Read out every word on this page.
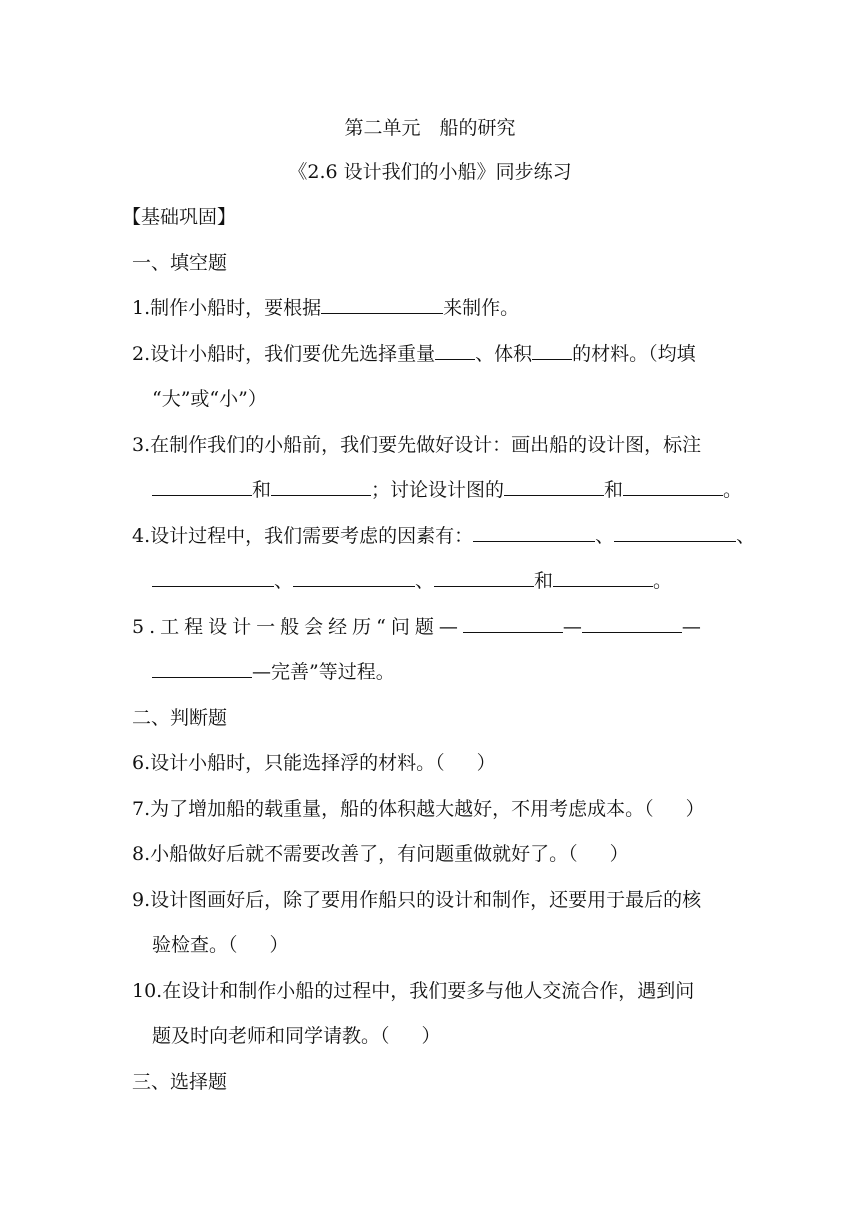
第二单元　船的研究
《2.6 设计我们的小船》同步练习
【基础巩固】
一、填空题
1.制作小船时，要根据	来制作。
2.设计小船时，我们要优先选择重量 、体积 的材料。（均填
“大”或“小”）
3.在制作我们的小船前，我们要先做好设计：画出船的设计图，标注
和	；讨论设计图的	和	。
4.设计过程中，我们需要考虑的因素有：	、	、
、	、	和	。
5.工程设计一般会经历“问题—	—	—
—完善”等过程。
二、判断题
6.设计小船时，只能选择浮的材料。（ ）
7.为了增加船的载重量，船的体积越大越好，不用考虑成本。（ ）
8.小船做好后就不需要改善了，有问题重做就好了。（ ）
9.设计图画好后，除了要用作船只的设计和制作，还要用于最后的核
验检查。（ ）
10.在设计和制作小船的过程中，我们要多与他人交流合作，遇到问
题及时向老师和同学请教。（ ）
三、选择题
